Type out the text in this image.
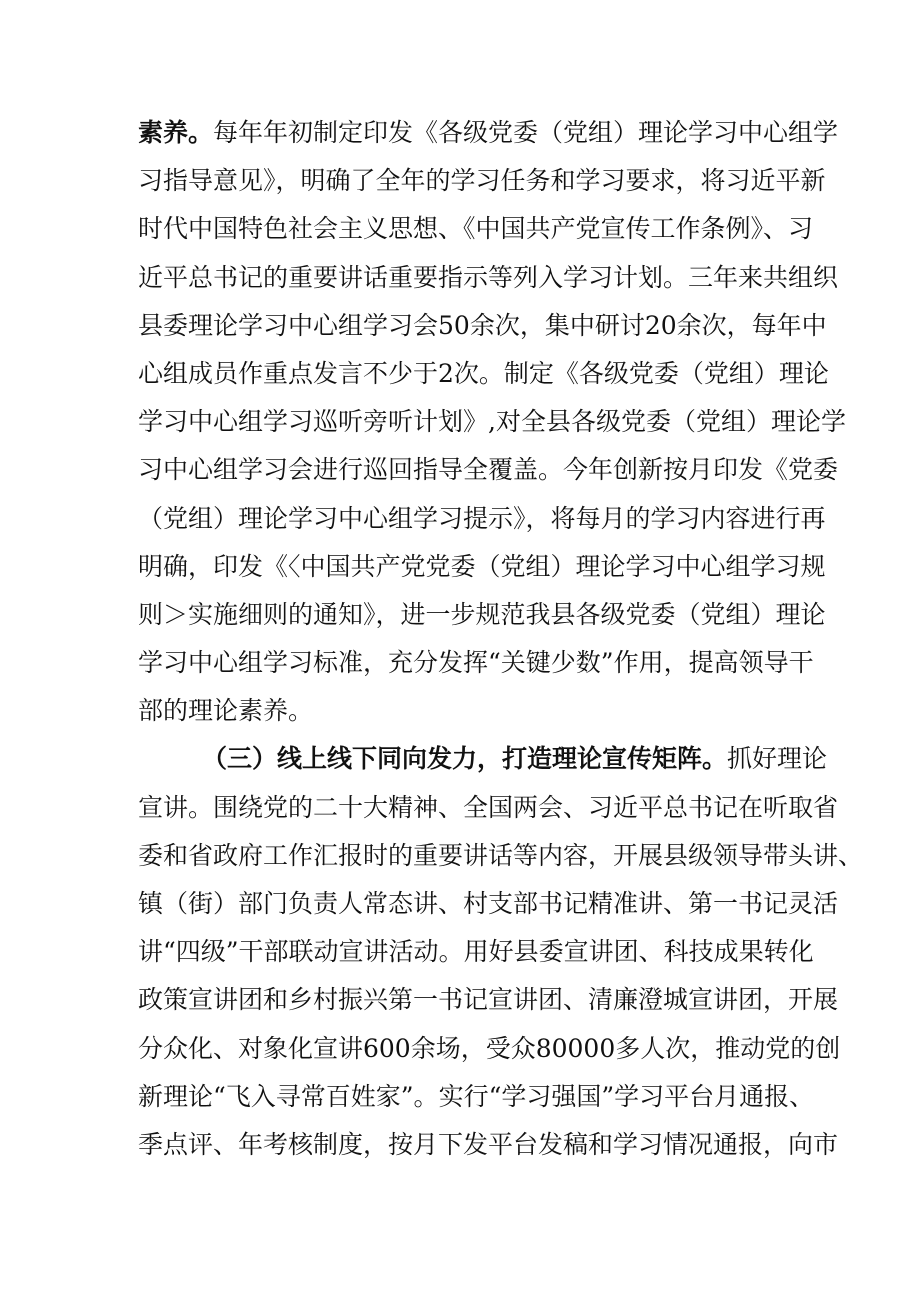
素养。每年年初制定印发《各级党委（党组）理论学习中心组学
习指导意见》，明确了全年的学习任务和学习要求，将习近平新
时代中国特色社会主义思想、《中国共产党宣传工作条例》、习
近平总书记的重要讲话重要指示等列入学习计划。三年来共组织
县委理论学习中心组学习会50余次，集中研讨20余次，每年中
心组成员作重点发言不少于2次。制定《各级党委（党组）理论
学习中心组学习巡听旁听计划》,对全县各级党委（党组）理论学
习中心组学习会进行巡回指导全覆盖。今年创新按月印发《党委
（党组）理论学习中心组学习提示》，将每月的学习内容进行再
明确，印发《〈中国共产党党委（党组）理论学习中心组学习规
则＞实施细则的通知》，进一步规范我县各级党委（党组）理论
学习中心组学习标准，充分发挥“关键少数”作用，提高领导干
部的理论素养。
（三）线上线下同向发力，打造理论宣传矩阵。抓好理论
宣讲。围绕党的二十大精神、全国两会、习近平总书记在听取省
委和省政府工作汇报时的重要讲话等内容，开展县级领导带头讲、
镇（街）部门负责人常态讲、村支部书记精准讲、第一书记灵活
讲“四级”干部联动宣讲活动。用好县委宣讲团、科技成果转化
政策宣讲团和乡村振兴第一书记宣讲团、清廉澄城宣讲团，开展
分众化、对象化宣讲600余场，受众80000多人次，推动党的创
新理论“飞入寻常百姓家”。实行“学习强国”学习平台月通报、
季点评、年考核制度，按月下发平台发稿和学习情况通报，向市
